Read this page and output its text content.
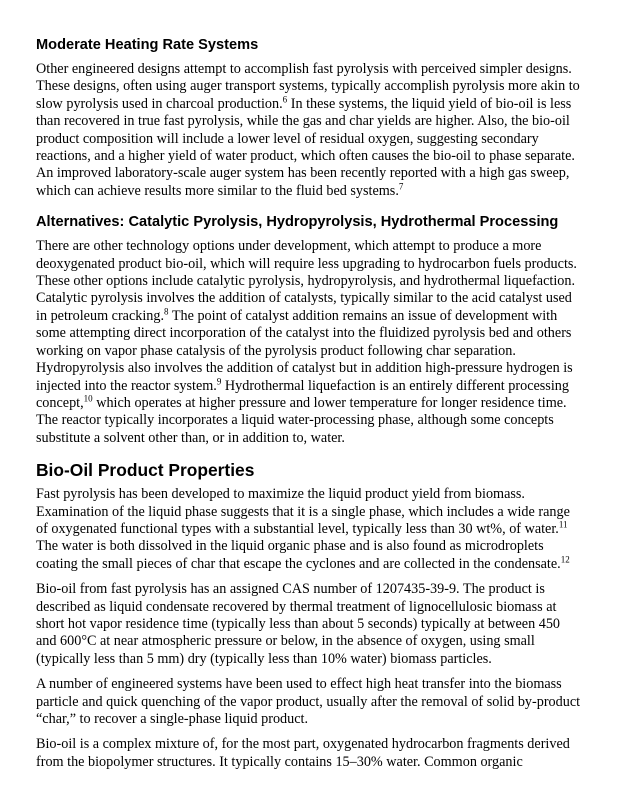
Moderate Heating Rate Systems

Other engineered designs attempt to accomplish fast pyrolysis with perceived simpler designs. These designs, often using auger transport systems, typically accomplish pyrolysis more akin to slow pyrolysis used in charcoal production.$^6$ In these systems, the liquid yield of bio-oil is less than recovered in true fast pyrolysis, while the gas and char yields are higher. Also, the bio-oil product composition will include a lower level of residual oxygen, suggesting secondary reactions, and a higher yield of water product, which often causes the bio-oil to phase separate. An improved laboratory-scale auger system has been recently reported with a high gas sweep, which can achieve results more similar to the fluid bed systems.$^7$

Alternatives: Catalytic Pyrolysis, Hydropyrolysis, Hydrothermal Processing

There are other technology options under development, which attempt to produce a more deoxygenated product bio-oil, which will require less upgrading to hydrocarbon fuels products. These other options include catalytic pyrolysis, hydropyrolysis, and hydrothermal liquefaction. Catalytic pyrolysis involves the addition of catalysts, typically similar to the acid catalyst used in petroleum cracking.$^8$ The point of catalyst addition remains an issue of development with some attempting direct incorporation of the catalyst into the fluidized pyrolysis bed and others working on vapor phase catalysis of the pyrolysis product following char separation. Hydropyrolysis also involves the addition of catalyst but in addition high-pressure hydrogen is injected into the reactor system.$^9$ Hydrothermal liquefaction is an entirely different processing concept,$^{10}$ which operates at higher pressure and lower temperature for longer residence time. The reactor typically incorporates a liquid water-processing phase, although some concepts substitute a solvent other than, or in addition to, water.

Bio-Oil Product Properties

Fast pyrolysis has been developed to maximize the liquid product yield from biomass. Examination of the liquid phase suggests that it is a single phase, which includes a wide range of oxygenated functional types with a substantial level, typically less than 30 wt%, of water.$^{11}$ The water is both dissolved in the liquid organic phase and is also found as microdroplets coating the small pieces of char that escape the cyclones and are collected in the condensate.$^{12}$

Bio-oil from fast pyrolysis has an assigned CAS number of 1207435-39-9. The product is described as liquid condensate recovered by thermal treatment of lignocellulosic biomass at short hot vapor residence time (typically less than about 5 seconds) typically at between 450 and 600°C at near atmospheric pressure or below, in the absence of oxygen, using small (typically less than 5 mm) dry (typically less than 10% water) biomass particles.

A number of engineered systems have been used to effect high heat transfer into the biomass particle and quick quenching of the vapor product, usually after the removal of solid by-product “char,” to recover a single-phase liquid product.

Bio-oil is a complex mixture of, for the most part, oxygenated hydrocarbon fragments derived from the biopolymer structures. It typically contains 15–30% water. Common organic
